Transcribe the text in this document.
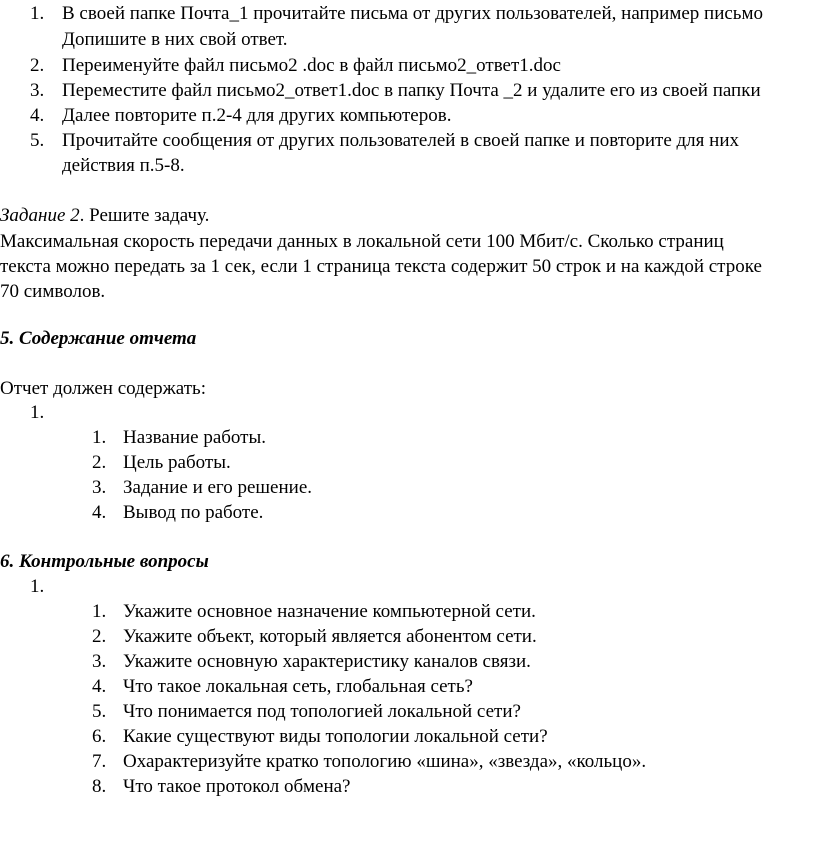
1. В своей папке Почта_1 прочитайте письма от других пользователей, например письмо
Допишите в них свой ответ.
2. Переименуйте файл письмо2 .doc в файл письмо2_ответ1.doc
3. Переместите файл письмо2_ответ1.doc в папку Почта _2 и удалите его из своей папки
4. Далее повторите п.2-4 для других компьютеров.
5. Прочитайте сообщения от других пользователей в своей папке и повторите для них
действия п.5-8.
Задание 2. Решите задачу.
Максимальная скорость передачи данных в локальной сети 100 Мбит/с. Сколько страниц
текста можно передать за 1 сек, если 1 страница текста содержит 50 строк и на каждой строке
70 символов.
5. Содержание отчета
Отчет должен содержать:
1.
1. Название работы.
2. Цель работы.
3. Задание и его решение.
4. Вывод по работе.
6. Контрольные вопросы
1.
1. Укажите основное назначение компьютерной сети.
2. Укажите объект, который является абонентом сети.
3. Укажите основную характеристику каналов связи.
4. Что такое локальная сеть, глобальная сеть?
5. Что понимается под топологией локальной сети?
6. Какие существуют виды топологии локальной сети?
7. Охарактеризуйте кратко топологию «шина», «звезда», «кольцо».
8. Что такое протокол обмена?
